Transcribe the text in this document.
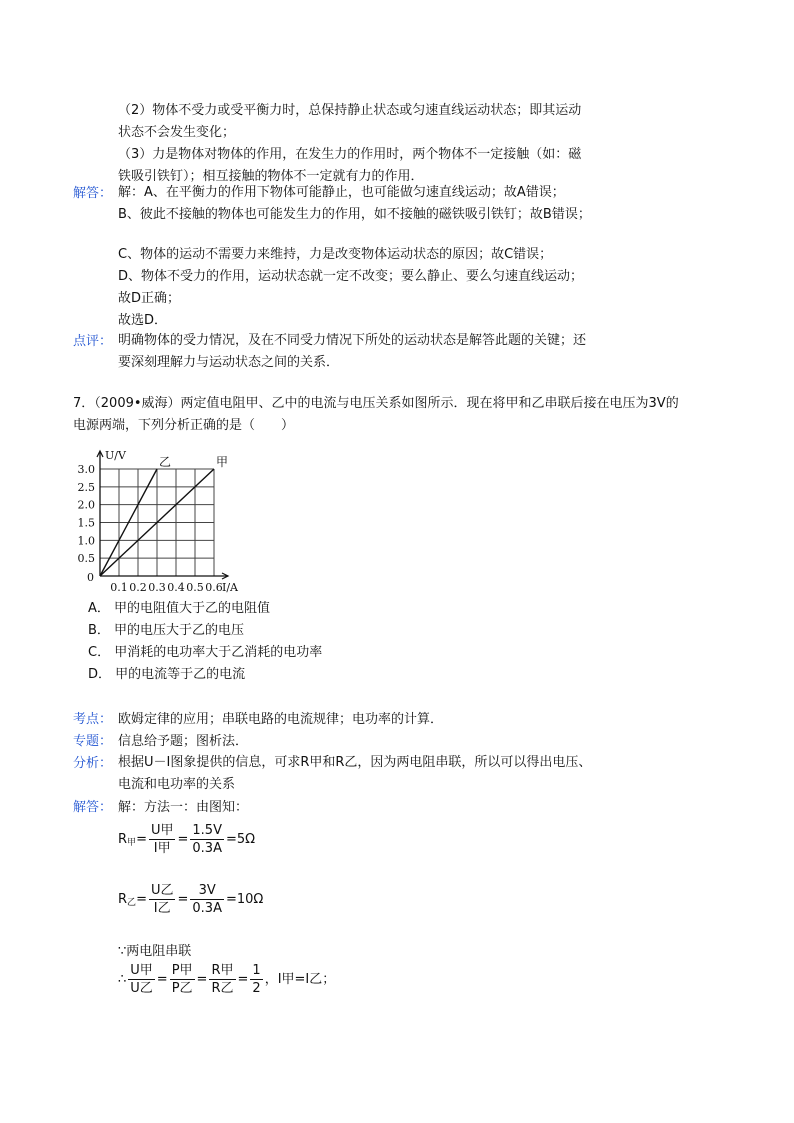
（2）物体不受力或受平衡力时，总保持静止状态或匀速直线运动状态；即其运动
状态不会发生变化；
（3）力是物体对物体的作用，在发生力的作用时，两个物体不一定接触（如：磁
铁吸引铁钉）；相互接触的物体不一定就有力的作用．
解答： 解：A、在平衡力的作用下物体可能静止，也可能做匀速直线运动；故A错误；
B、彼此不接触的物体也可能发生力的作用，如不接触的磁铁吸引铁钉；故B错误；
C、物体的运动不需要力来维持，力是改变物体运动状态的原因；故C错误；
D、物体不受力的作用，运动状态就一定不改变；要么静止、要么匀速直线运动；
故D正确；
故选D．
点评： 明确物体的受力情况，及在不同受力情况下所处的运动状态是解答此题的关键；还
要深刻理解力与运动状态之间的关系．
7．（2009•威海）两定值电阻甲、乙中的电流与电压关系如图所示．现在将甲和乙串联后接在电压为3V的
电源两端，下列分析正确的是（　　）
0.5
1.0
1.5
2.0
2.5
3.0
0.1 0.2 0.3 0.4 0.5 0.6
0
U/V
I/A
乙	甲
A． 甲的电阻值大于乙的电阻值
B． 甲的电压大于乙的电压
C． 甲消耗的电功率大于乙消耗的电功率
D． 甲的电流等于乙的电流
考点： 欧姆定律的应用；串联电路的电流规律；电功率的计算．
专题： 信息给予题；图析法．
分析： 根据U－I图象提供的信息，可求R甲和R乙，因为两电阻串联，所以可以得出电压、
电流和电功率的关系
解答： 解：方法一：由图知：
$R_甲= \frac{\text{U甲}}{\text{I甲}} = \frac{1.5V}{0.3A} =5\Omega$
$R_乙= \frac{\text{U乙}}{\text{I乙}} = \frac{3V}{0.3A} =10\Omega$
∵两电阻串联
∴ $\frac{\text{U甲}}{\text{U乙}} = \frac{\text{P甲}}{\text{P乙}} = \frac{\text{R甲}}{\text{R乙}} = \frac{1}{2}$ ，I甲=I乙；
